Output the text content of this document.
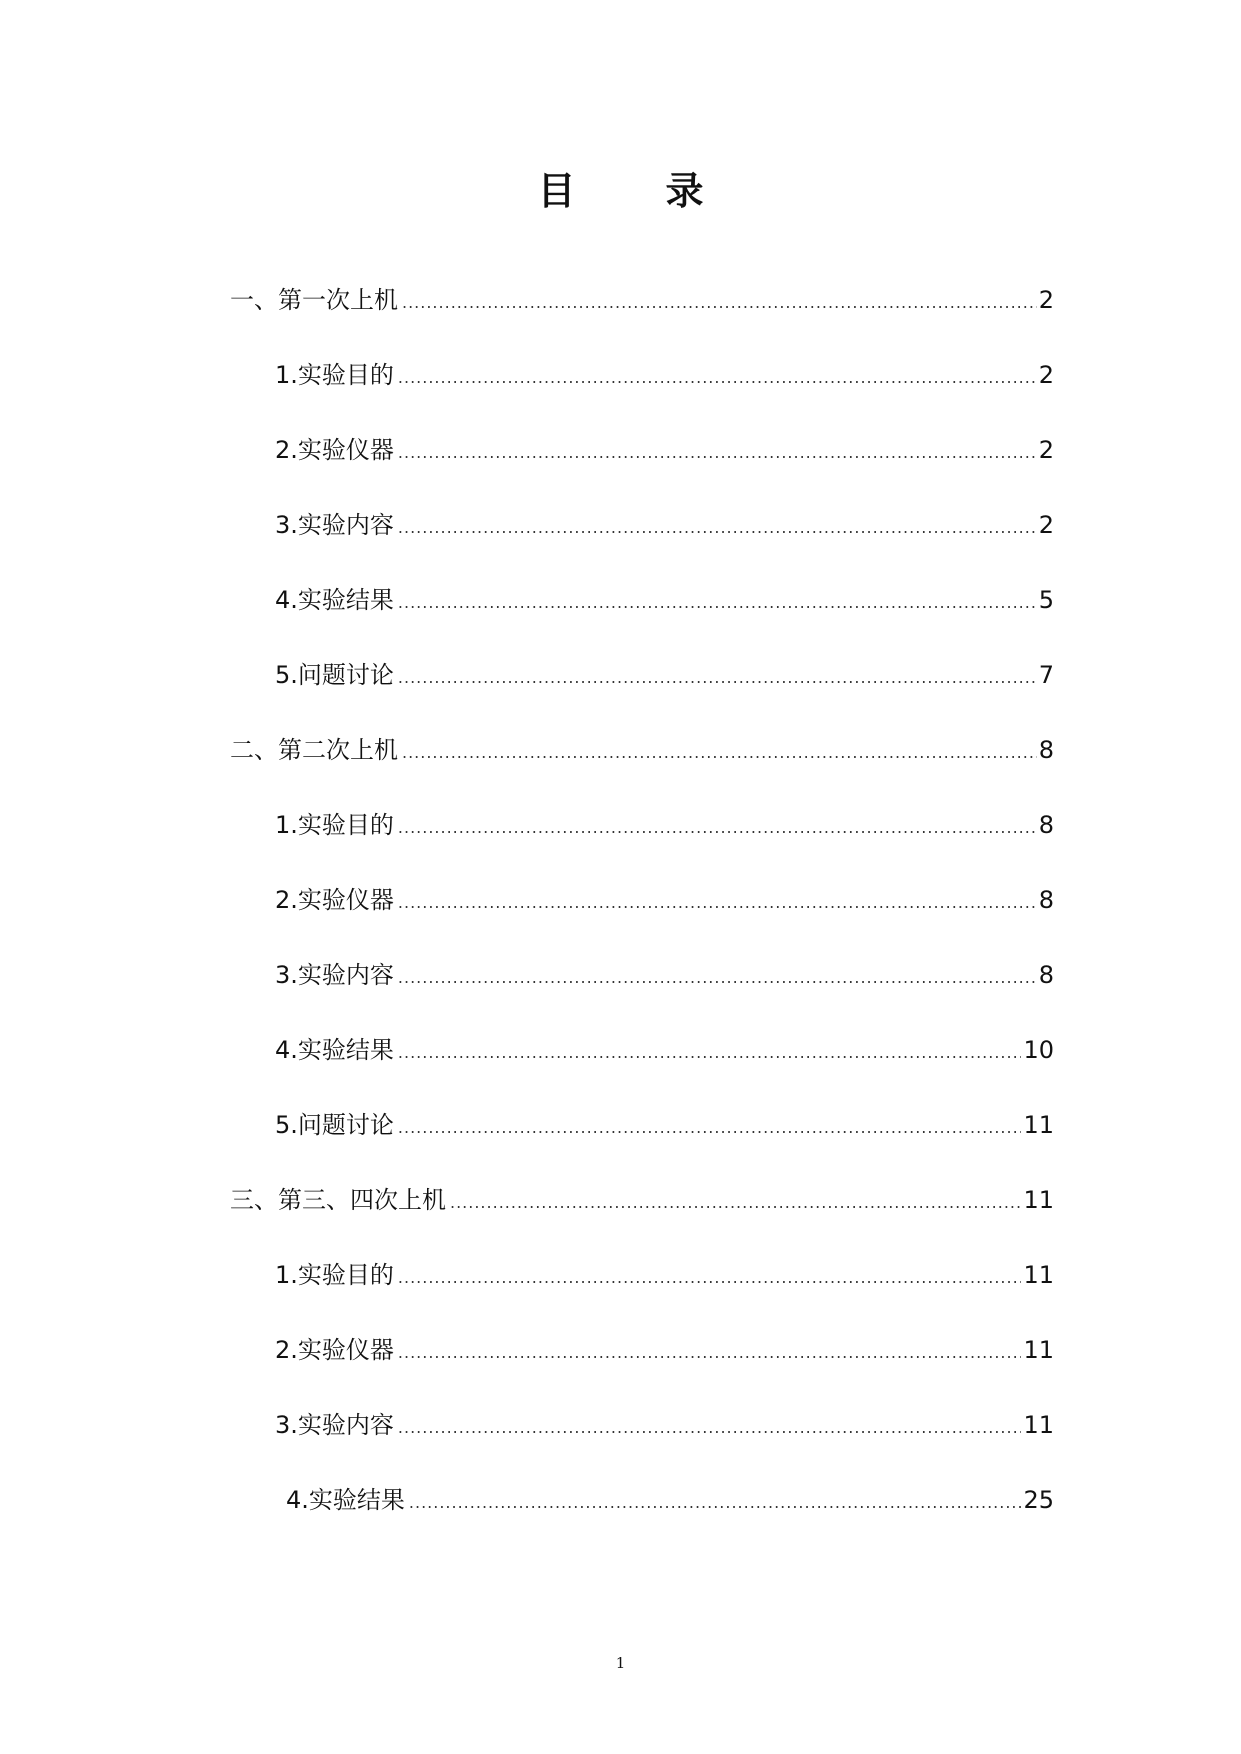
目 录
一、第一次上机 .....	2
1.实验目的 .....	2
2.实验仪器 .....	2
3.实验内容 .....	2
4.实验结果 .....	5
5.问题讨论 .....	7
二、第二次上机 .....	8
1.实验目的 .....	8
2.实验仪器 .....	8
3.实验内容 .....	8
4.实验结果 .....	10
5.问题讨论 .....	11
三、第三、四次上机 .....	11
1.实验目的 .....	11
2.实验仪器 .....	11
3.实验内容 .....	11
4.实验结果 .....	25
1
